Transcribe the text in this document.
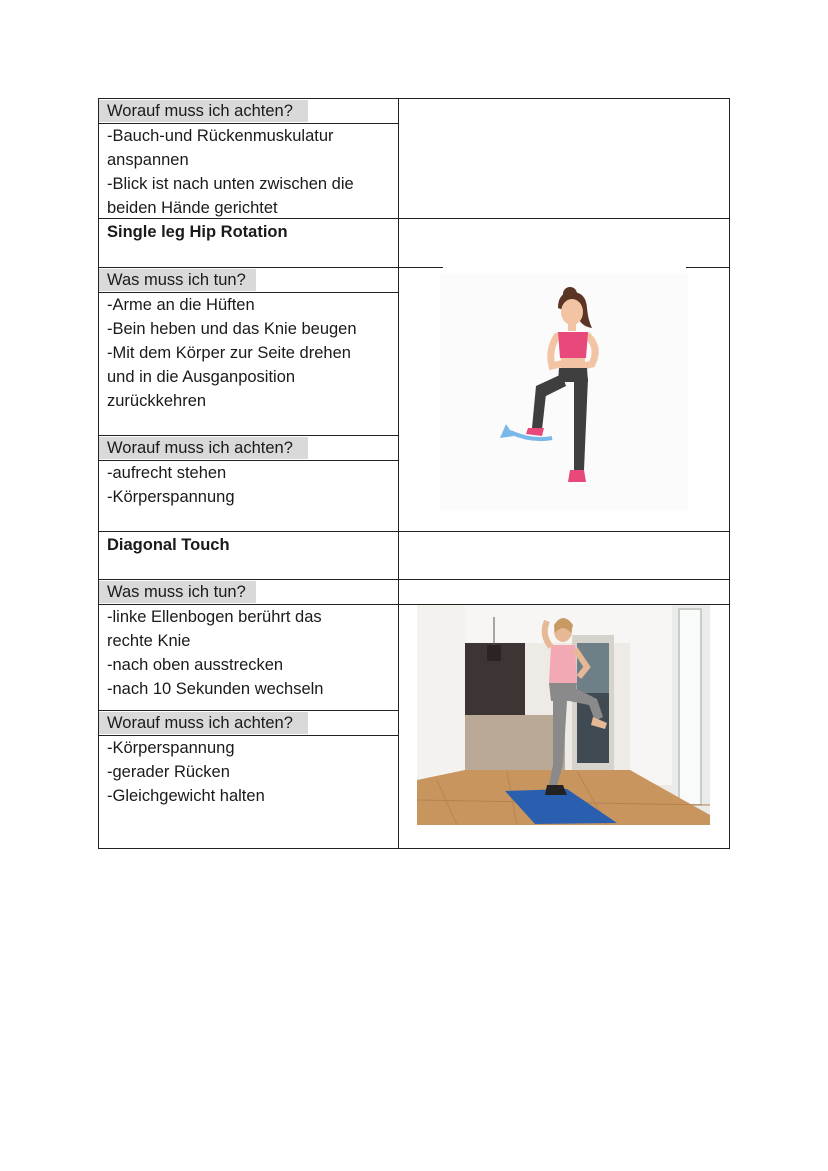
Worauf muss ich achten?
-Bauch-und Rückenmuskulatur
anspannen
-Blick ist nach unten zwischen die
beiden Hände gerichtet
Single leg Hip Rotation
Was muss ich tun?
-Arme an die Hüften
-Bein heben und das Knie beugen
-Mit dem Körper zur Seite drehen
und in die Ausganposition
zurückkehren
Worauf muss ich achten?
-aufrecht stehen
-Körperspannung
Diagonal Touch
Was muss ich tun?
-linke Ellenbogen berührt das
rechte Knie
-nach oben ausstrecken
-nach 10 Sekunden wechseln
Worauf muss ich achten?
-Körperspannung
-gerader Rücken
-Gleichgewicht halten
